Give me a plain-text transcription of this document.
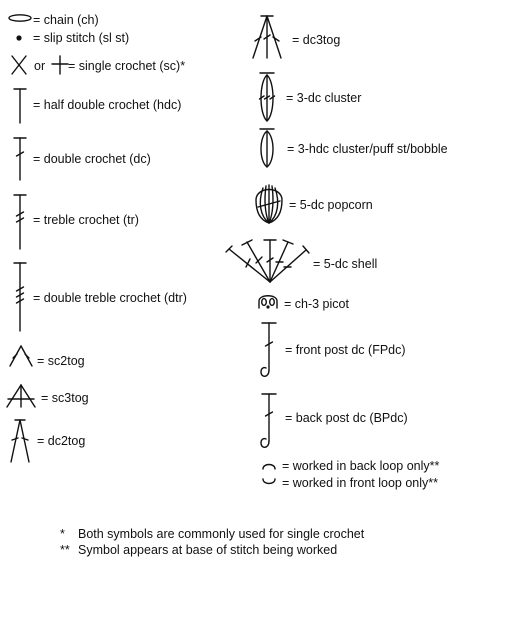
= chain (ch)
= slip stitch (sl st)
or = single crochet (sc)*
= half double crochet (hdc)
= double crochet (dc)
= treble crochet (tr)
= double treble crochet (dtr)
= sc2tog
= sc3tog
= dc2tog
= dc3tog
= 3-dc cluster
= 3-hdc cluster/puff st/bobble
= 5-dc popcorn
= 5-dc shell
= ch-3 picot
= front post dc (FPdc)
= back post dc (BPdc)
= worked in back loop only**
= worked in front loop only**
* Both symbols are commonly used for single crochet
** Symbol appears at base of stitch being worked
